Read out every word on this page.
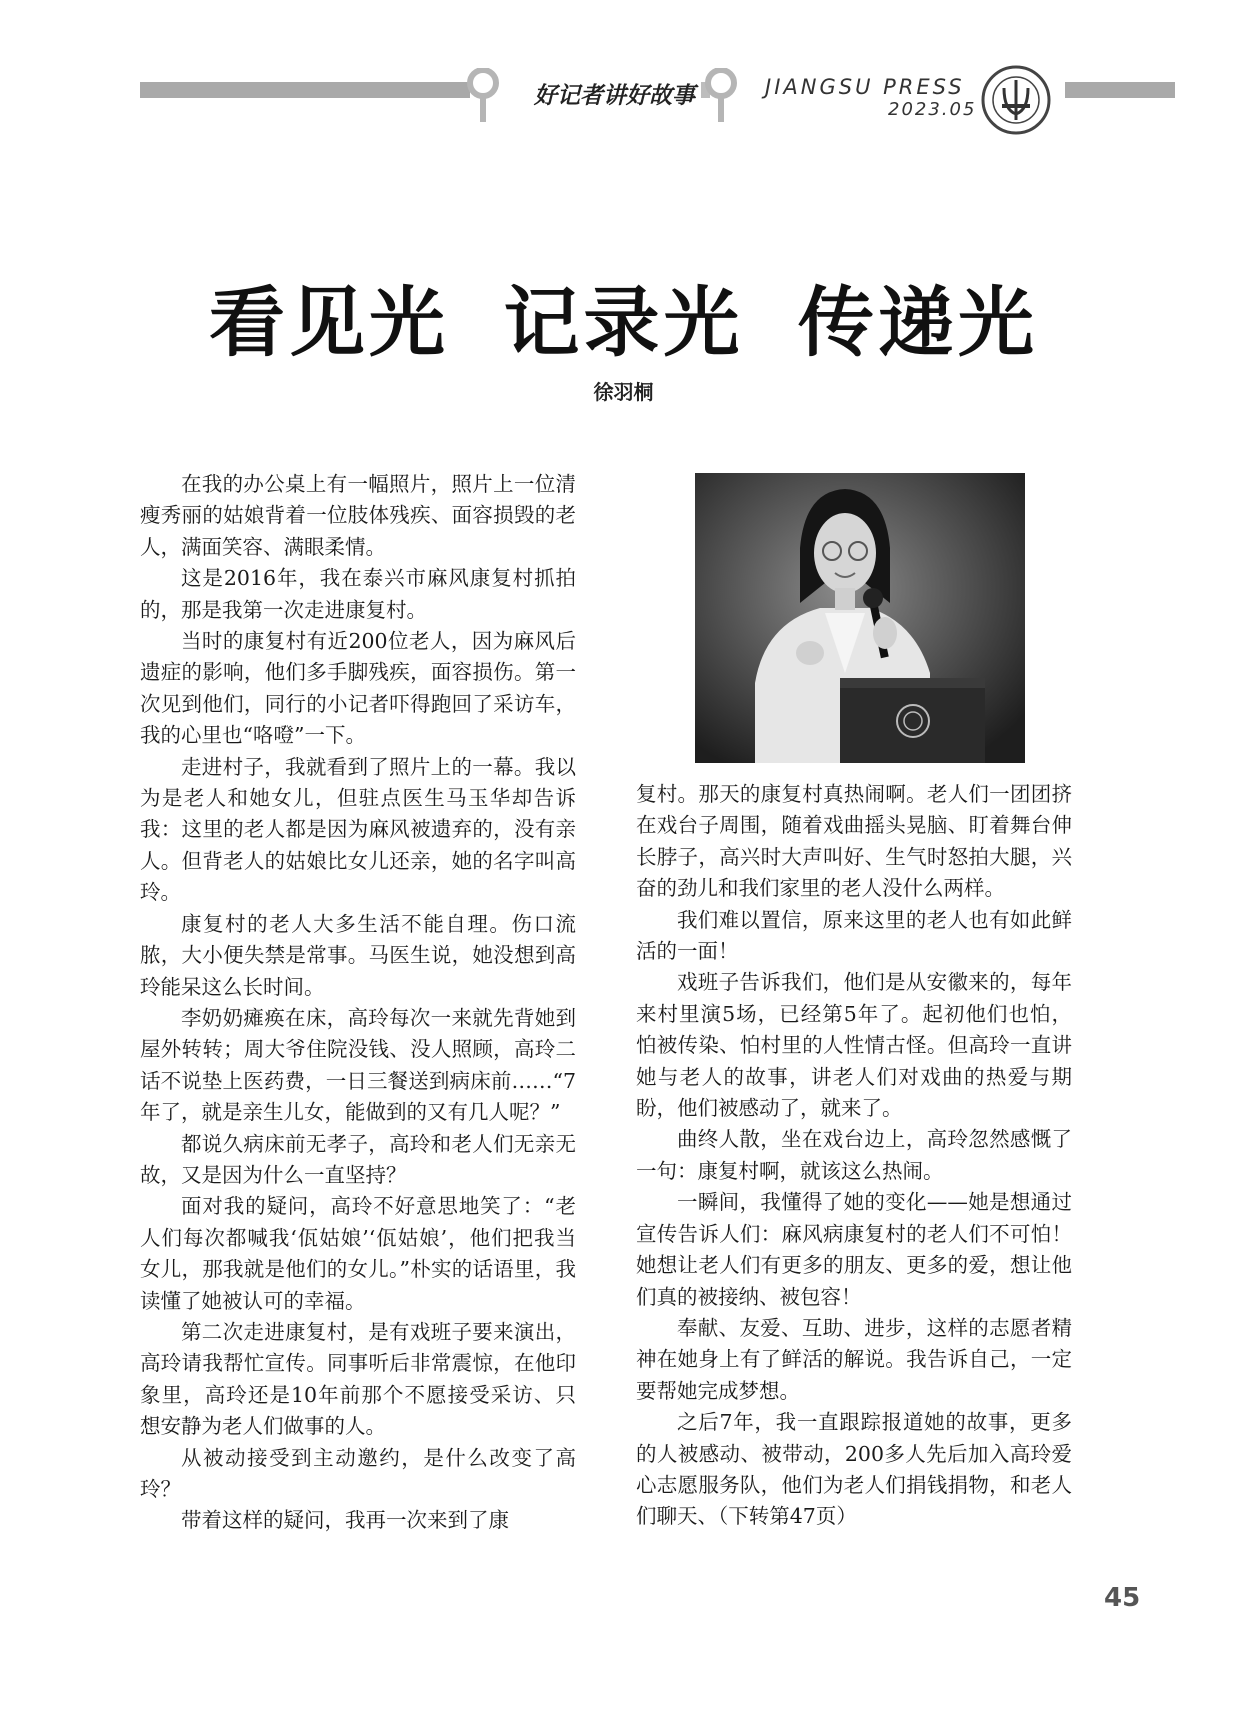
好记者讲好故事	JIANGSU PRESS
2023.05
看见光 记录光 传递光
徐羽桐

在我的办公桌上有一幅照片，照片上一位清瘦秀丽的姑娘背着一位肢体残疾、面容损毁的老人，满面笑容、满眼柔情。

这是2016年，我在泰兴市麻风康复村抓拍的，那是我第一次走进康复村。

当时的康复村有近200位老人，因为麻风后遗症的影响，他们多手脚残疾，面容损伤。第一次见到他们，同行的小记者吓得跑回了采访车，我的心里也“咯噔”一下。

走进村子，我就看到了照片上的一幕。我以为是老人和她女儿，但驻点医生马玉华却告诉我：这里的老人都是因为麻风被遗弃的，没有亲人。但背老人的姑娘比女儿还亲，她的名字叫高玲。

康复村的老人大多生活不能自理。伤口流脓，大小便失禁是常事。马医生说，她没想到高玲能呆这么长时间。

李奶奶瘫痪在床，高玲每次一来就先背她到屋外转转；周大爷住院没钱、没人照顾，高玲二话不说垫上医药费，一日三餐送到病床前……“7年了，就是亲生儿女，能做到的又有几人呢？”

都说久病床前无孝子，高玲和老人们无亲无故，又是因为什么一直坚持？

面对我的疑问，高玲不好意思地笑了：“老人们每次都喊我‘佤姑娘’‘佤姑娘’，他们把我当女儿，那我就是他们的女儿。”朴实的话语里，我读懂了她被认可的幸福。

第二次走进康复村，是有戏班子要来演出，高玲请我帮忙宣传。同事听后非常震惊，在他印象里，高玲还是10年前那个不愿接受采访、只想安静为老人们做事的人。

从被动接受到主动邀约，是什么改变了高玲？

带着这样的疑问，我再一次来到了康

复村。那天的康复村真热闹啊。老人们一团团挤在戏台子周围，随着戏曲摇头晃脑、盯着舞台伸长脖子，高兴时大声叫好、生气时怒拍大腿，兴奋的劲儿和我们家里的老人没什么两样。

我们难以置信，原来这里的老人也有如此鲜活的一面！

戏班子告诉我们，他们是从安徽来的，每年来村里演5场，已经第5年了。起初他们也怕，怕被传染、怕村里的人性情古怪。但高玲一直讲她与老人的故事，讲老人们对戏曲的热爱与期盼，他们被感动了，就来了。

曲终人散，坐在戏台边上，高玲忽然感慨了一句：康复村啊，就该这么热闹。

一瞬间，我懂得了她的变化——她是想通过宣传告诉人们：麻风病康复村的老人们不可怕！她想让老人们有更多的朋友、更多的爱，想让他们真的被接纳、被包容！

奉献、友爱、互助、进步，这样的志愿者精神在她身上有了鲜活的解说。我告诉自己，一定要帮她完成梦想。

之后7年，我一直跟踪报道她的故事，更多的人被感动、被带动，200多人先后加入高玲爱心志愿服务队，他们为老人们捐钱捐物，和老人们聊天、（下转第47页）

45
